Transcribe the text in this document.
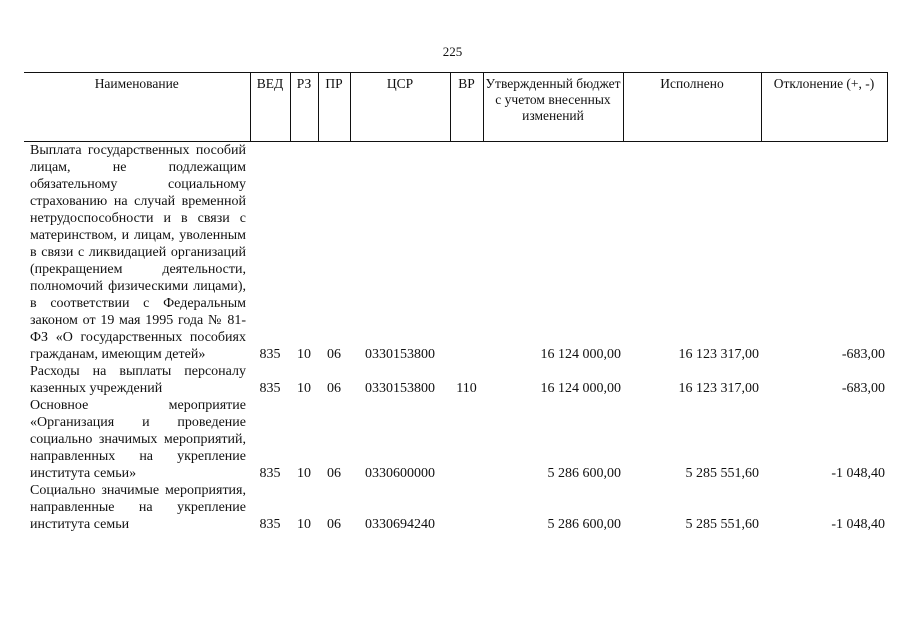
225
Наименование	ВЕД	РЗ	ПР	ЦСР	ВР	Утвержденный бюджет с учетом внесенных изменений	Исполнено	Отклонение (+, -)
Выплата государственных пособий лицам, не подлежащим обязательному социальному страхованию на случай временной нетрудоспособности и в связи с материнством, и лицам, уволенным в связи с ликвидацией организаций (прекращением деятельности, полномочий физическими лицами), в соответствии с Федеральным законом от 19 мая 1995 года № 81-ФЗ «О государственных пособиях гражданам, имеющим детей»	835	10	06	0330153800		16 124 000,00	16 123 317,00	-683,00
Расходы на выплаты персоналу казенных учреждений	835	10	06	0330153800	110	16 124 000,00	16 123 317,00	-683,00
Основное мероприятие «Организация и проведение социально значимых мероприятий, направленных на укрепление института семьи»	835	10	06	0330600000		5 286 600,00	5 285 551,60	-1 048,40
Социально значимые мероприятия, направленные на укрепление института семьи	835	10	06	0330694240		5 286 600,00	5 285 551,60	-1 048,40
